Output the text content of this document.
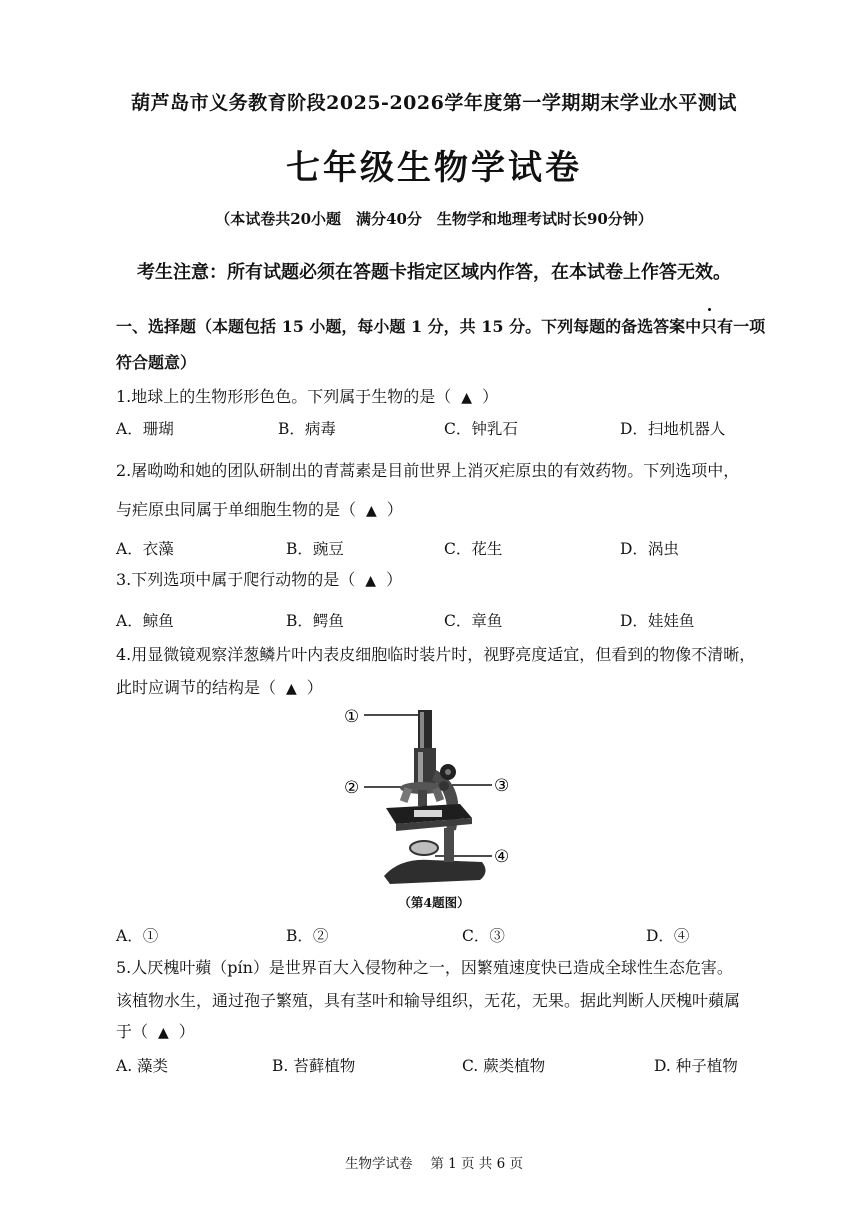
葫芦岛市义务教育阶段2025-2026学年度第一学期期末学业水平测试
七年级生物学试卷
（本试卷共20小题　满分40分　生物学和地理考试时长90分钟）
考生注意：所有试题必须在答题卡指定区域内作答，在本试卷上作答无效。
一、选择题（本题包括 15 小题，每小题 1 分，共 15 分。下列每题的备选答案中只有一项
符合题意）
1.地球上的生物形形色色。下列属于生物的是（ ▲ ）
A．珊瑚	B．病毒	C．钟乳石	D．扫地机器人
2.屠呦呦和她的团队研制出的青蒿素是目前世界上消灭疟原虫的有效药物。下列选项中，
与疟原虫同属于单细胞生物的是（ ▲ ）
A．衣藻	B．豌豆	C．花生	D．涡虫
3.下列选项中属于爬行动物的是（ ▲ ）
A．鲸鱼	B．鳄鱼	C．章鱼	D．娃娃鱼
4.用显微镜观察洋葱鳞片叶内表皮细胞临时装片时，视野亮度适宜，但看到的物像不清晰，
此时应调节的结构是（ ▲ ）
①
②	③
④
（第4题图）
A．①	B．②	C．③	D．④
5.人厌槐叶蘋（pín）是世界百大入侵物种之一，因繁殖速度快已造成全球性生态危害。
该植物水生，通过孢子繁殖，具有茎叶和输导组织，无花，无果。据此判断人厌槐叶蘋属
于（ ▲ ）
A. 藻类	B. 苔藓植物	C. 蕨类植物	D. 种子植物
生物学试卷　 第 1 页 共 6 页
